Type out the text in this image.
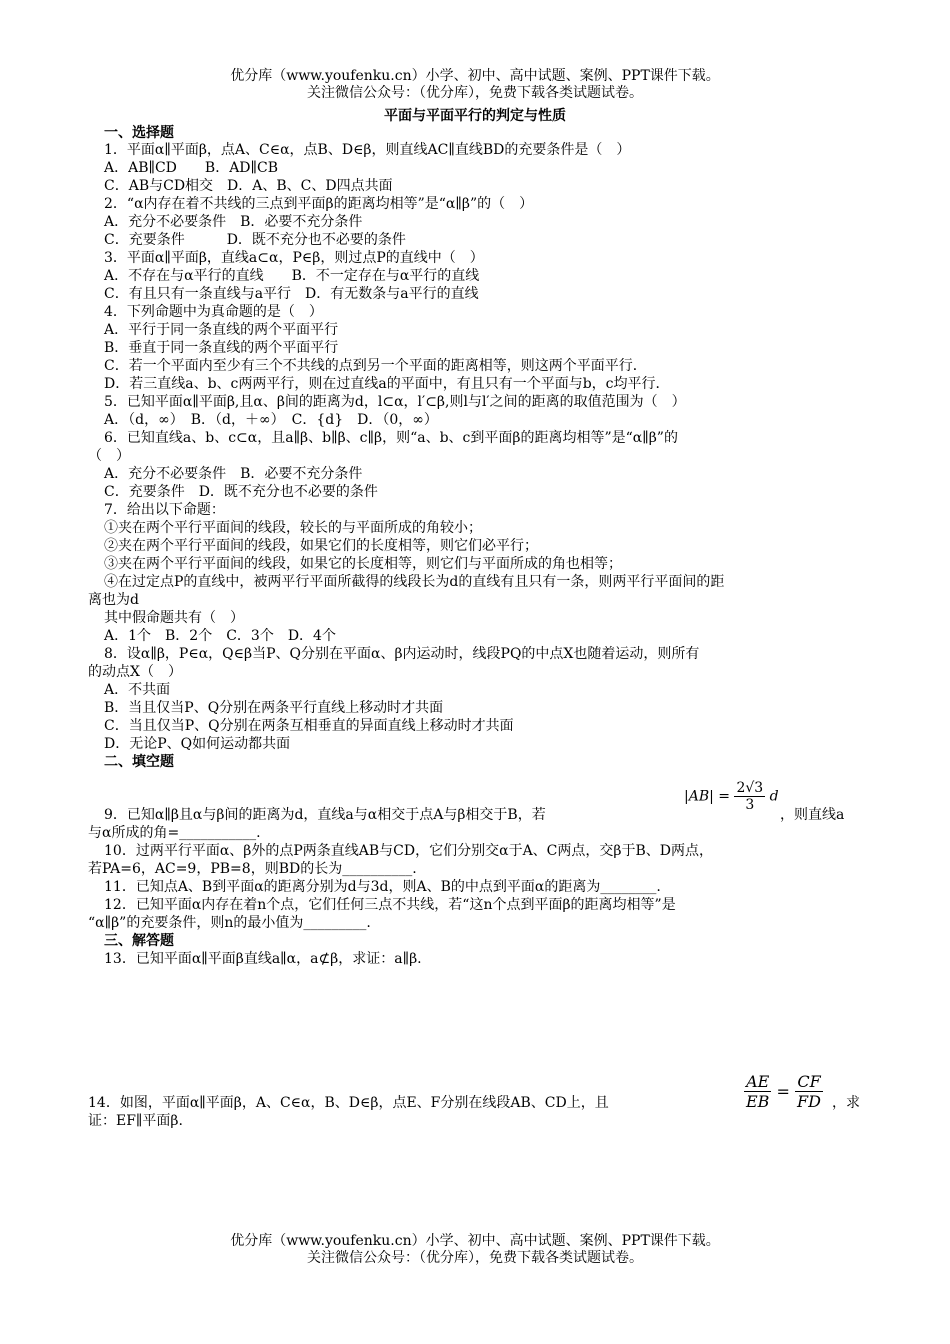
优分库（www.youfenku.cn）小学、初中、高中试题、案例、PPT课件下载。
关注微信公众号：（优分库），免费下载各类试题试卷。
平面与平面平行的判定与性质
一、选择题
1．平面α∥平面β，点A、C∈α，点B、D∈β，则直线AC∥直线BD的充要条件是（　）
A．AB∥CD　　B．AD∥CB
C．AB与CD相交　D．A、B、C、D四点共面
2．“α内存在着不共线的三点到平面β的距离均相等”是“α∥β”的（　）
A．充分不必要条件　B．必要不充分条件
C．充要条件　　　D．既不充分也不必要的条件
3．平面α∥平面β，直线a⊂α，P∈β，则过点P的直线中（　）
A．不存在与α平行的直线　　B．不一定存在与α平行的直线
C．有且只有一条直线与a平行　D．有无数条与a平行的直线
4．下列命题中为真命题的是（　）
A．平行于同一条直线的两个平面平行
B．垂直于同一条直线的两个平面平行
C．若一个平面内至少有三个不共线的点到另一个平面的距离相等，则这两个平面平行．
D．若三直线a、b、c两两平行，则在过直线a的平面中，有且只有一个平面与b，c均平行．
5．已知平面α∥平面β,且α、β间的距离为d，l⊂α，l′⊂β,则l与l′之间的距离的取值范围为（　）
A．（d，∞）　B．（d，＋∞）　C．{d}　D．（0，∞）
6．已知直线a、b、c⊂α，且a∥β、b∥β、c∥β，则“a、b、c到平面β的距离均相等”是“α∥β”的
（　）
A．充分不必要条件　B．必要不充分条件
C．充要条件　D．既不充分也不必要的条件
7．给出以下命题：
①夹在两个平行平面间的线段，较长的与平面所成的角较小；
②夹在两个平行平面间的线段，如果它们的长度相等，则它们必平行；
③夹在两个平行平面间的线段，如果它的长度相等，则它们与平面所成的角也相等；
④在过定点P的直线中，被两平行平面所截得的线段长为d的直线有且只有一条，则两平行平面间的距
离也为d
其中假命题共有（　）
A．1个　B．2个　C．3个　D．4个
8．设α∥β，P∈α，Q∈β当P、Q分别在平面α、β内运动时，线段PQ的中点X也随着运动，则所有
的动点X（　）
A．不共面
B．当且仅当P、Q分别在两条平行直线上移动时才共面
C．当且仅当P、Q分别在两条互相垂直的异面直线上移动时才共面
D．无论P、Q如何运动都共面
二、填空题
9．已知α∥β且α与β间的距离为d，直线a与α相交于点A与β相交于B，若
$|AB| = \frac{2√3}{3}$ d
，则直线a
与α所成的角=___________.
10．过两平行平面α、β外的点P两条直线AB与CD，它们分别交α于A、C两点，交β于B、D两点，
若PA=6，AC=9，PB=8，则BD的长为__________.
11．已知点A、B到平面α的距离分别为d与3d，则A、B的中点到平面α的距离为________.
12．已知平面α内存在着n个点，它们任何三点不共线，若“这n个点到平面β的距离均相等”是
“α∥β”的充要条件，则n的最小值为_________.
三、解答题
13．已知平面α∥平面β直线a∥α，a⊄β，求证：a∥β.
14．如图，平面α∥平面β，A、C∈α，B、D∈β，点E、F分别在线段AB、CD上，且	$\frac{AE}{EB} = \frac{CF}{FD}$ ，求
证：EF∥平面β.
优分库（www.youfenku.cn）小学、初中、高中试题、案例、PPT课件下载。
关注微信公众号：（优分库），免费下载各类试题试卷。
